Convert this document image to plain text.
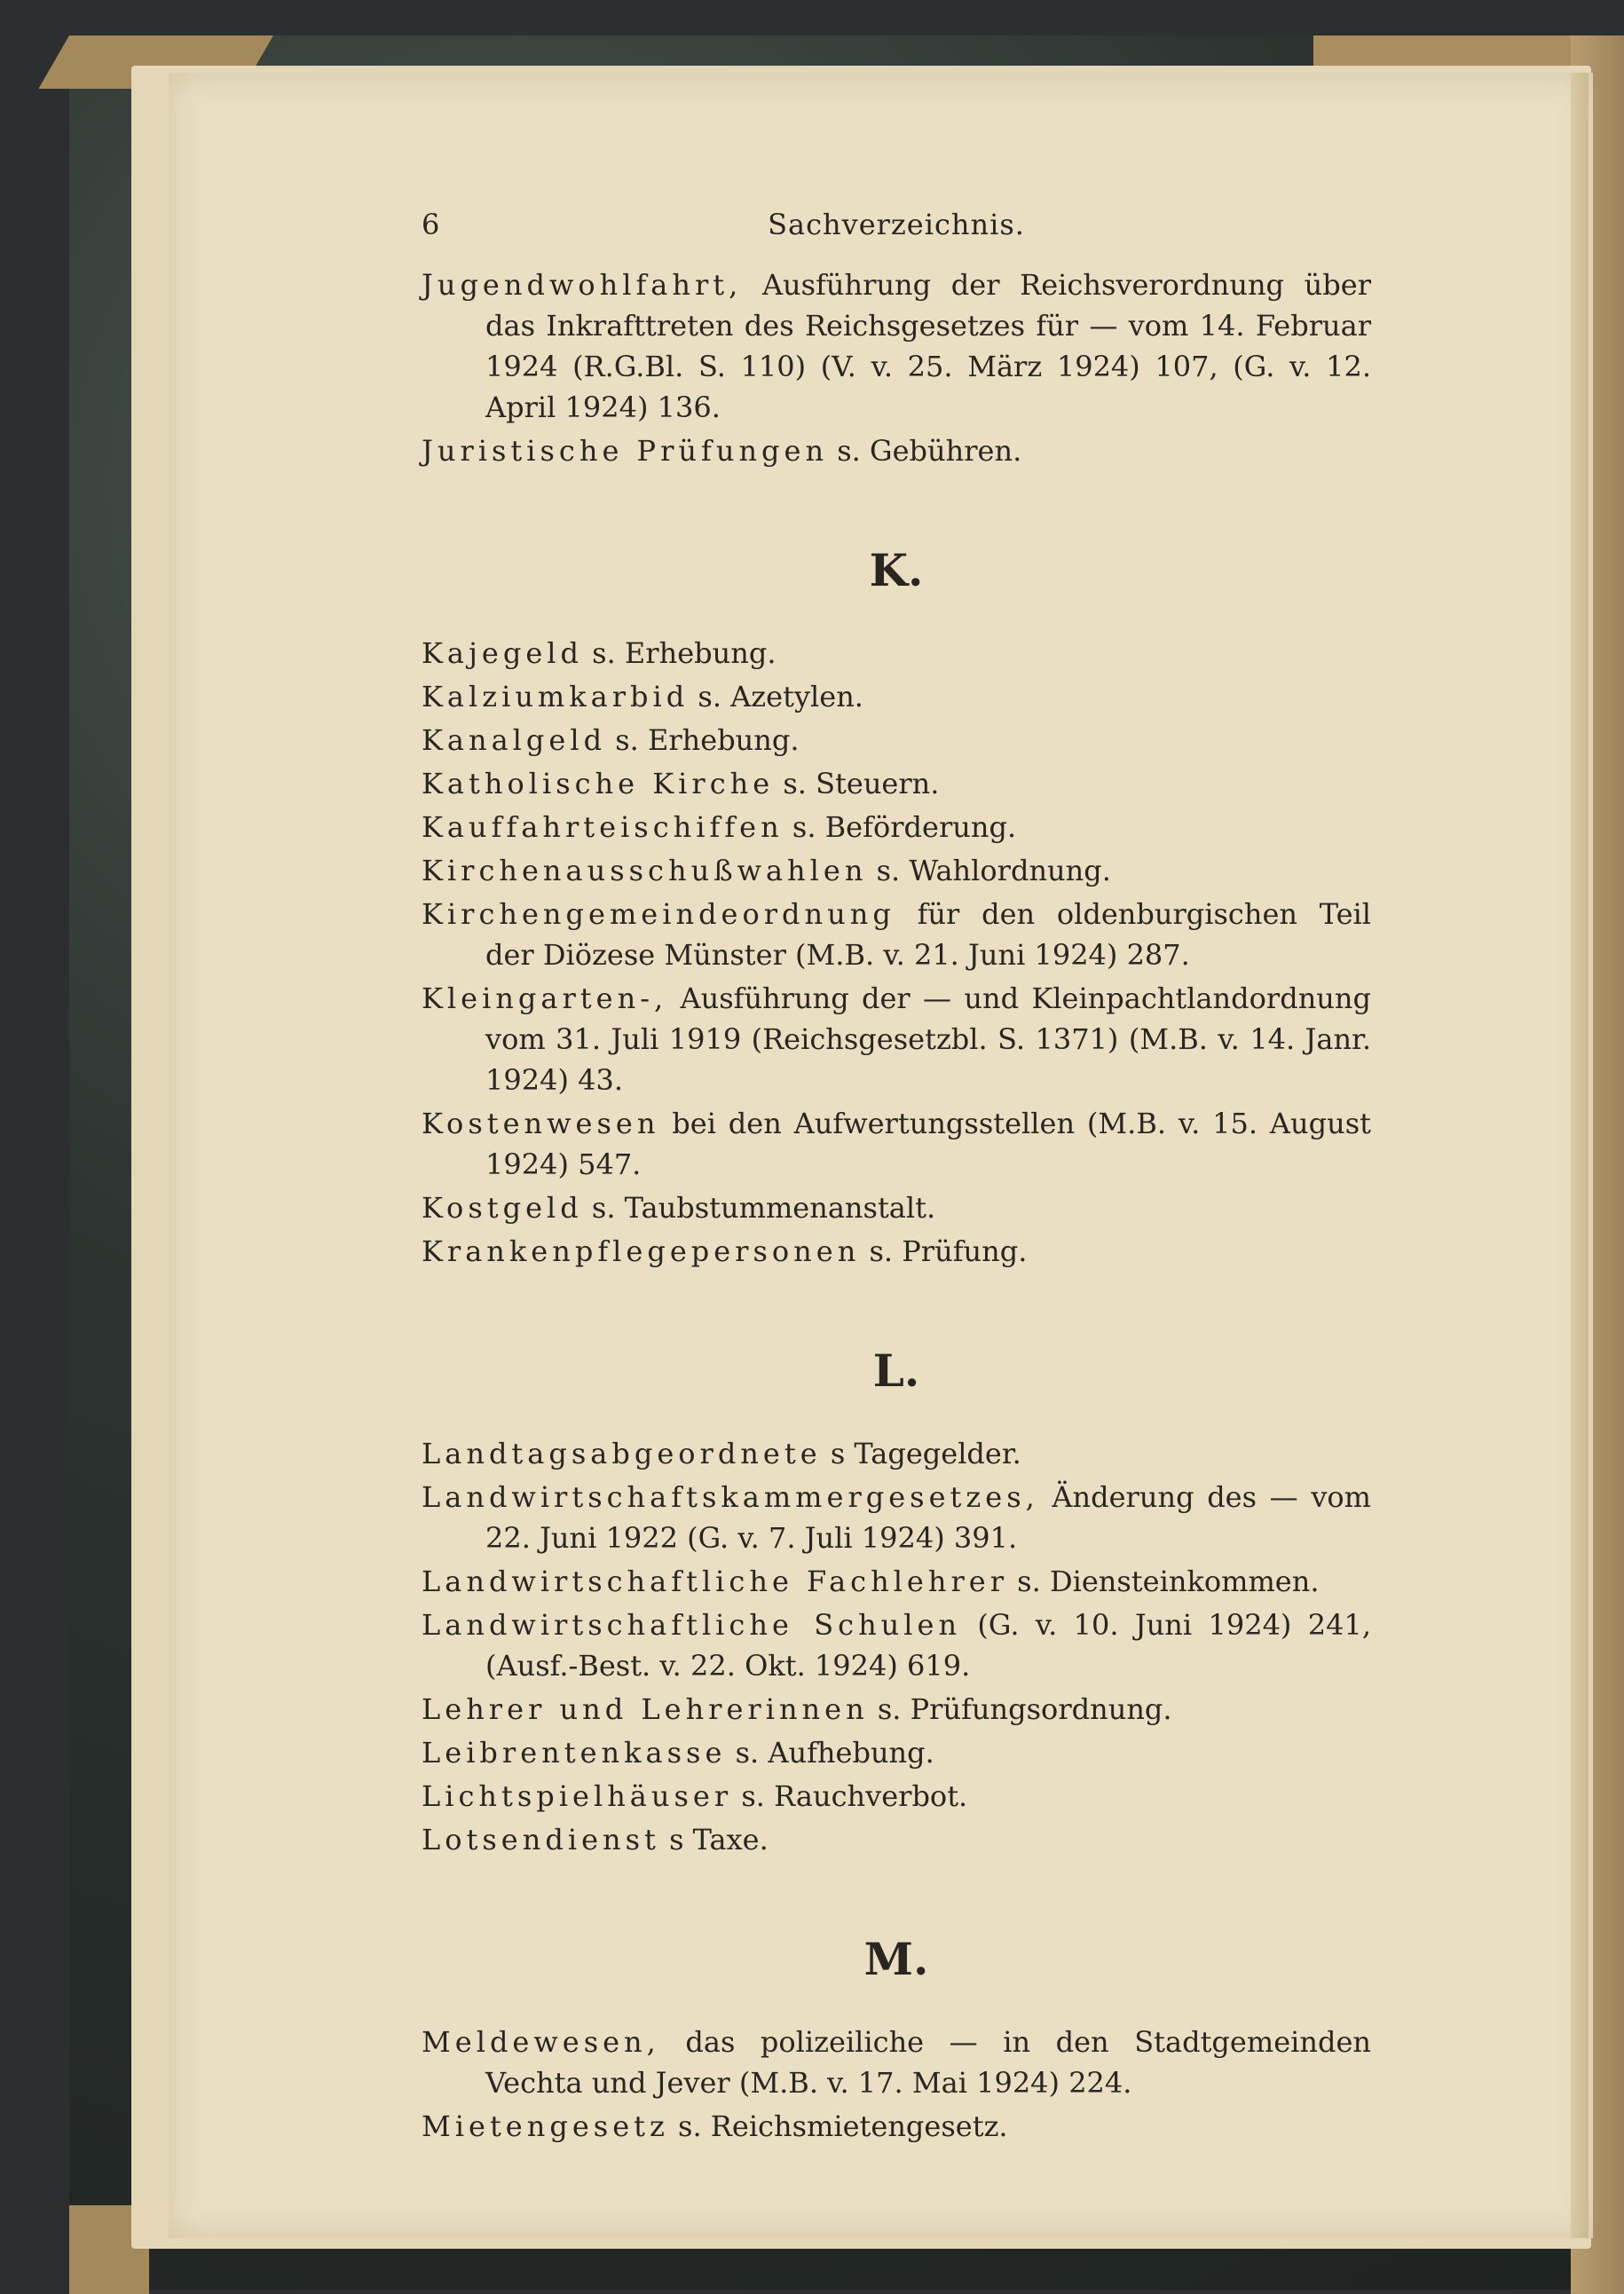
6	Sachverzeichnis.

Jugendwohlfahrt, Ausführung der Reichsverordnung über das Inkrafttreten des Reichsgesetzes für — vom 14. Februar 1924 (R.G.Bl. S. 110) (V. v. 25. März 1924) 107, (G. v. 12. April 1924) 136.

Juristische Prüfungen s. Gebühren.

K.

Kajegeld s. Erhebung.

Kalziumkarbid s. Azetylen.

Kanalgeld s. Erhebung.

Katholische Kirche s. Steuern.

Kauffahrteischiffen s. Beförderung.

Kirchenausschußwahlen s. Wahlordnung.

Kirchengemeindeordnung für den oldenburgischen Teil der Diözese Münster (M.B. v. 21. Juni 1924) 287.

Kleingarten-, Ausführung der — und Kleinpachtlandordnung vom 31. Juli 1919 (Reichsgesetzbl. S. 1371) (M.B. v. 14. Janr. 1924) 43.

Kostenwesen bei den Aufwertungsstellen (M.B. v. 15. August 1924) 547.

Kostgeld s. Taubstummenanstalt.

Krankenpflegepersonen s. Prüfung.

L.

Landtagsabgeordnete s Tagegelder.

Landwirtschaftskammergesetzes, Änderung des — vom 22. Juni 1922 (G. v. 7. Juli 1924) 391.

Landwirtschaftliche Fachlehrer s. Diensteinkommen.

Landwirtschaftliche Schulen (G. v. 10. Juni 1924) 241, (Ausf.-Best. v. 22. Okt. 1924) 619.

Lehrer und Lehrerinnen s. Prüfungsordnung.

Leibrentenkasse s. Aufhebung.

Lichtspielhäuser s. Rauchverbot.

Lotsendienst s Taxe.

M.

Meldewesen, das polizeiliche — in den Stadtgemeinden Vechta und Jever (M.B. v. 17. Mai 1924) 224.

Mietengesetz s. Reichsmietengesetz.
